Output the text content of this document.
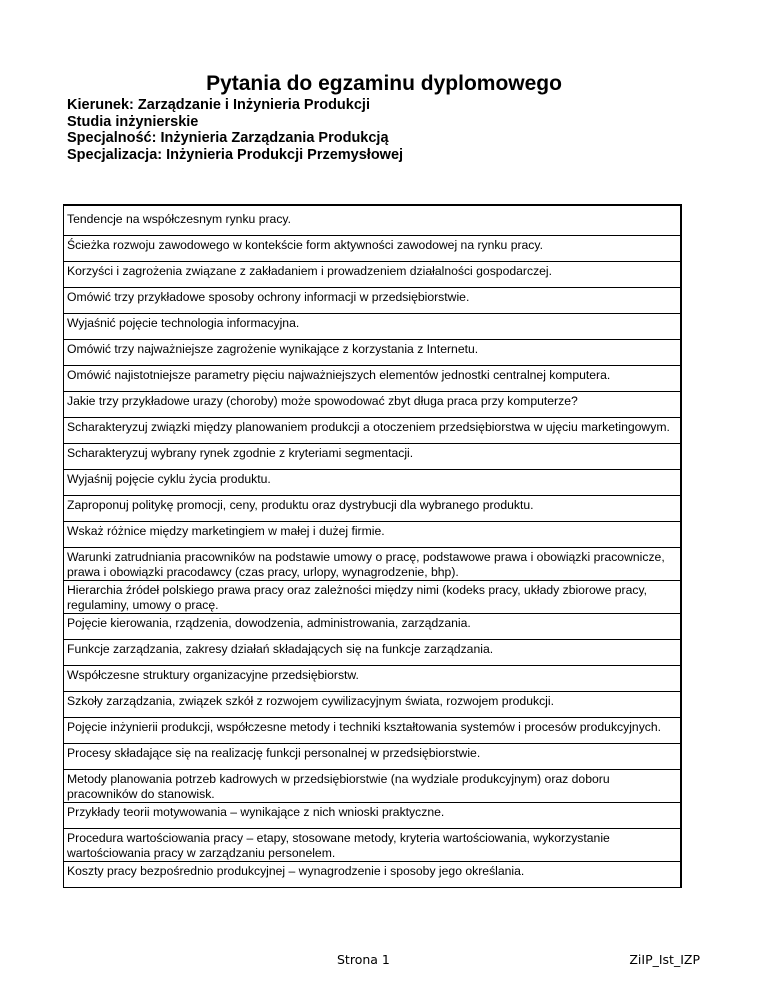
Pytania do egzaminu dyplomowego
Kierunek: Zarządzanie i Inżynieria Produkcji
Studia inżynierskie
Specjalność: Inżynieria Zarządzania Produkcją
Specjalizacja: Inżynieria Produkcji Przemysłowej
Tendencje na współczesnym rynku pracy.
Ścieżka rozwoju zawodowego w kontekście form aktywności zawodowej na rynku pracy.
Korzyści i zagrożenia związane z zakładaniem i prowadzeniem działalności gospodarczej.
Omówić trzy przykładowe sposoby ochrony informacji w przedsiębiorstwie.
Wyjaśnić pojęcie technologia informacyjna.
Omówić trzy najważniejsze zagrożenie wynikające z korzystania z Internetu.
Omówić najistotniejsze parametry pięciu najważniejszych elementów jednostki centralnej komputera.
Jakie trzy przykładowe urazy (choroby) może spowodować zbyt długa praca przy komputerze?
Scharakteryzuj związki między planowaniem produkcji a otoczeniem przedsiębiorstwa w ujęciu marketingowym.
Scharakteryzuj wybrany rynek zgodnie z kryteriami segmentacji.
Wyjaśnij pojęcie cyklu życia produktu.
Zaproponuj politykę promocji, ceny, produktu oraz dystrybucji dla wybranego produktu.
Wskaż różnice między marketingiem w małej i dużej firmie.
Warunki zatrudniania pracowników na podstawie umowy o pracę, podstawowe prawa i obowiązki pracownicze, prawa i obowiązki pracodawcy (czas pracy, urlopy, wynagrodzenie, bhp).
Hierarchia źródeł polskiego prawa pracy oraz zależności między nimi (kodeks pracy, układy zbiorowe pracy, regulaminy, umowy o pracę.
Pojęcie kierowania, rządzenia, dowodzenia, administrowania, zarządzania.
Funkcje zarządzania, zakresy działań składających się na funkcje zarządzania.
Współczesne struktury organizacyjne przedsiębiorstw.
Szkoły zarządzania, związek szkół z rozwojem cywilizacyjnym świata, rozwojem produkcji.
Pojęcie inżynierii produkcji, współczesne metody i techniki kształtowania systemów i procesów produkcyjnych.
Procesy składające się na realizację funkcji personalnej w przedsiębiorstwie.
Metody planowania potrzeb kadrowych w przedsiębiorstwie (na wydziale produkcyjnym) oraz doboru pracowników do stanowisk.
Przykłady teorii motywowania – wynikające z nich wnioski praktyczne.
Procedura wartościowania pracy – etapy, stosowane metody, kryteria wartościowania, wykorzystanie wartościowania pracy w zarządzaniu personelem.
Koszty pracy bezpośrednio produkcyjnej – wynagrodzenie i sposoby jego określania.
Strona 1	ZiIP_Ist_IZP
